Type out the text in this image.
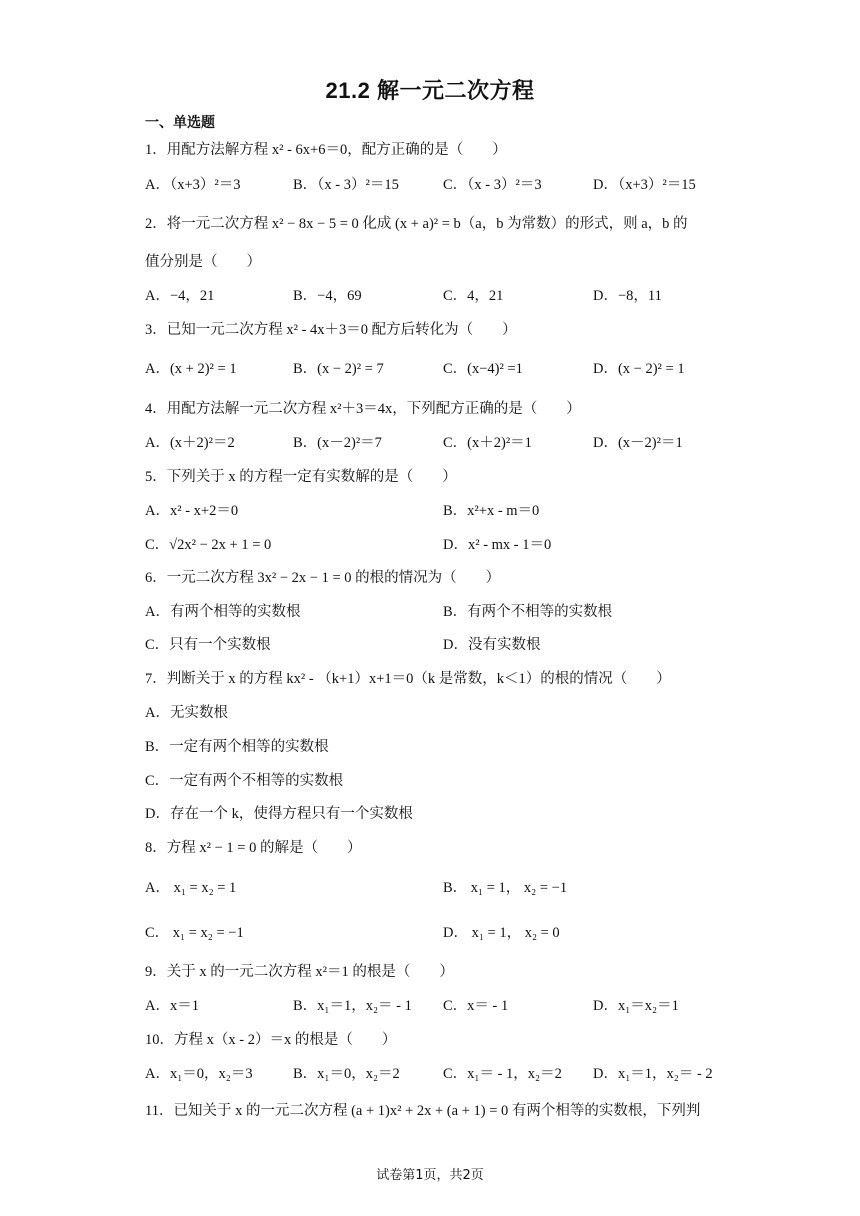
21.2 解一元二次方程
一、单选题
1．用配方法解方程 x² - 6x+6＝0，配方正确的是（　　）
A．（x+3）²＝3	B．（x - 3）²＝15	C．（x - 3）²＝3	D．（x+3）²＝15
2．将一元二次方程 x² − 8x − 5 = 0 化成 (x + a)² = b（a，b 为常数）的形式，则 a，b 的
值分别是（　　）
A．−4，21	B．−4，69	C．4，21	D．−8，11
3．已知一元二次方程 x² - 4x＋3＝0 配方后转化为（　　）
A．(x + 2)² = 1	B．(x − 2)² = 7	C．(x−4)² =1	D．(x − 2)² = 1
4．用配方法解一元二次方程 x²＋3＝4x，下列配方正确的是（　　）
A．(x＋2)²＝2	B．(x－2)²＝7	C．(x＋2)²＝1	D．(x－2)²＝1
5．下列关于 x 的方程一定有实数解的是（　　）
A．x² - x+2＝0	B．x²+x - m＝0
C．√2x² − 2x + 1 = 0	D．x² - mx - 1＝0
6．一元二次方程 3x² − 2x − 1 = 0 的根的情况为（　　）
A．有两个相等的实数根	B．有两个不相等的实数根
C．只有一个实数根	D．没有实数根
7．判断关于 x 的方程 kx² - （k+1）x+1＝0（k 是常数，k＜1）的根的情况（　　）
A．无实数根
B．一定有两个相等的实数根
C．一定有两个不相等的实数根
D．存在一个 k，使得方程只有一个实数根
8．方程 x² − 1 = 0 的解是（　　）
A． x₁ = x₂ = 1	B． x₁ = 1， x₂ = −1
C． x₁ = x₂ = −1	D． x₁ = 1， x₂ = 0
9．关于 x 的一元二次方程 x²＝1 的根是（　　）
A．x＝1	B．x₁＝1，x₂＝ - 1 C．x＝ - 1	D．x₁＝x₂＝1
10．方程 x（x - 2）＝x 的根是（　　）
A．x₁＝0，x₂＝3	B．x₁＝0，x₂＝2	C．x₁＝ - 1，x₂＝2 D．x₁＝1，x₂＝ - 2
11．已知关于 x 的一元二次方程 (a + 1)x² + 2x + (a + 1) = 0 有两个相等的实数根，下列判
试卷第1页，共2页
